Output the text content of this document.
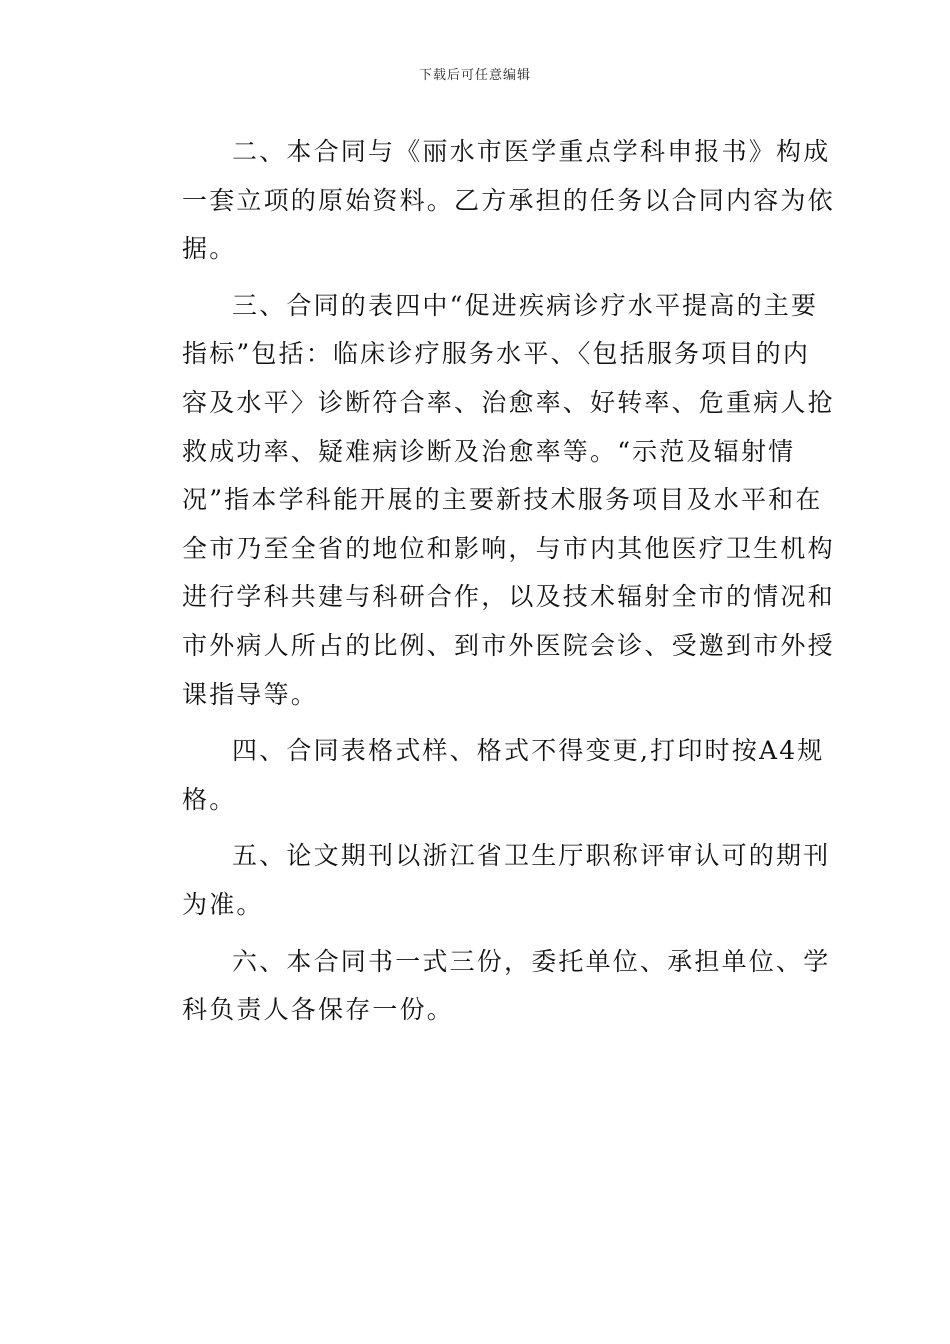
下载后可任意编辑
二、本合同与《丽水市医学重点学科申报书》构成
一套立项的原始资料。乙方承担的任务以合同内容为依
据。
三、合同的表四中“促进疾病诊疗水平提高的主要
指标”包括：临床诊疗服务水平、〈包括服务项目的内
容及水平〉诊断符合率、治愈率、好转率、危重病人抢
救成功率、疑难病诊断及治愈率等。“示范及辐射情
况”指本学科能开展的主要新技术服务项目及水平和在
全市乃至全省的地位和影响，与市内其他医疗卫生机构
进行学科共建与科研合作，以及技术辐射全市的情况和
市外病人所占的比例、到市外医院会诊、受邀到市外授
课指导等。
四、合同表格式样、格式不得变更,打印时按A4规
格。
五、论文期刊以浙江省卫生厅职称评审认可的期刊
为准。
六、本合同书一式三份，委托单位、承担单位、学
科负责人各保存一份。
